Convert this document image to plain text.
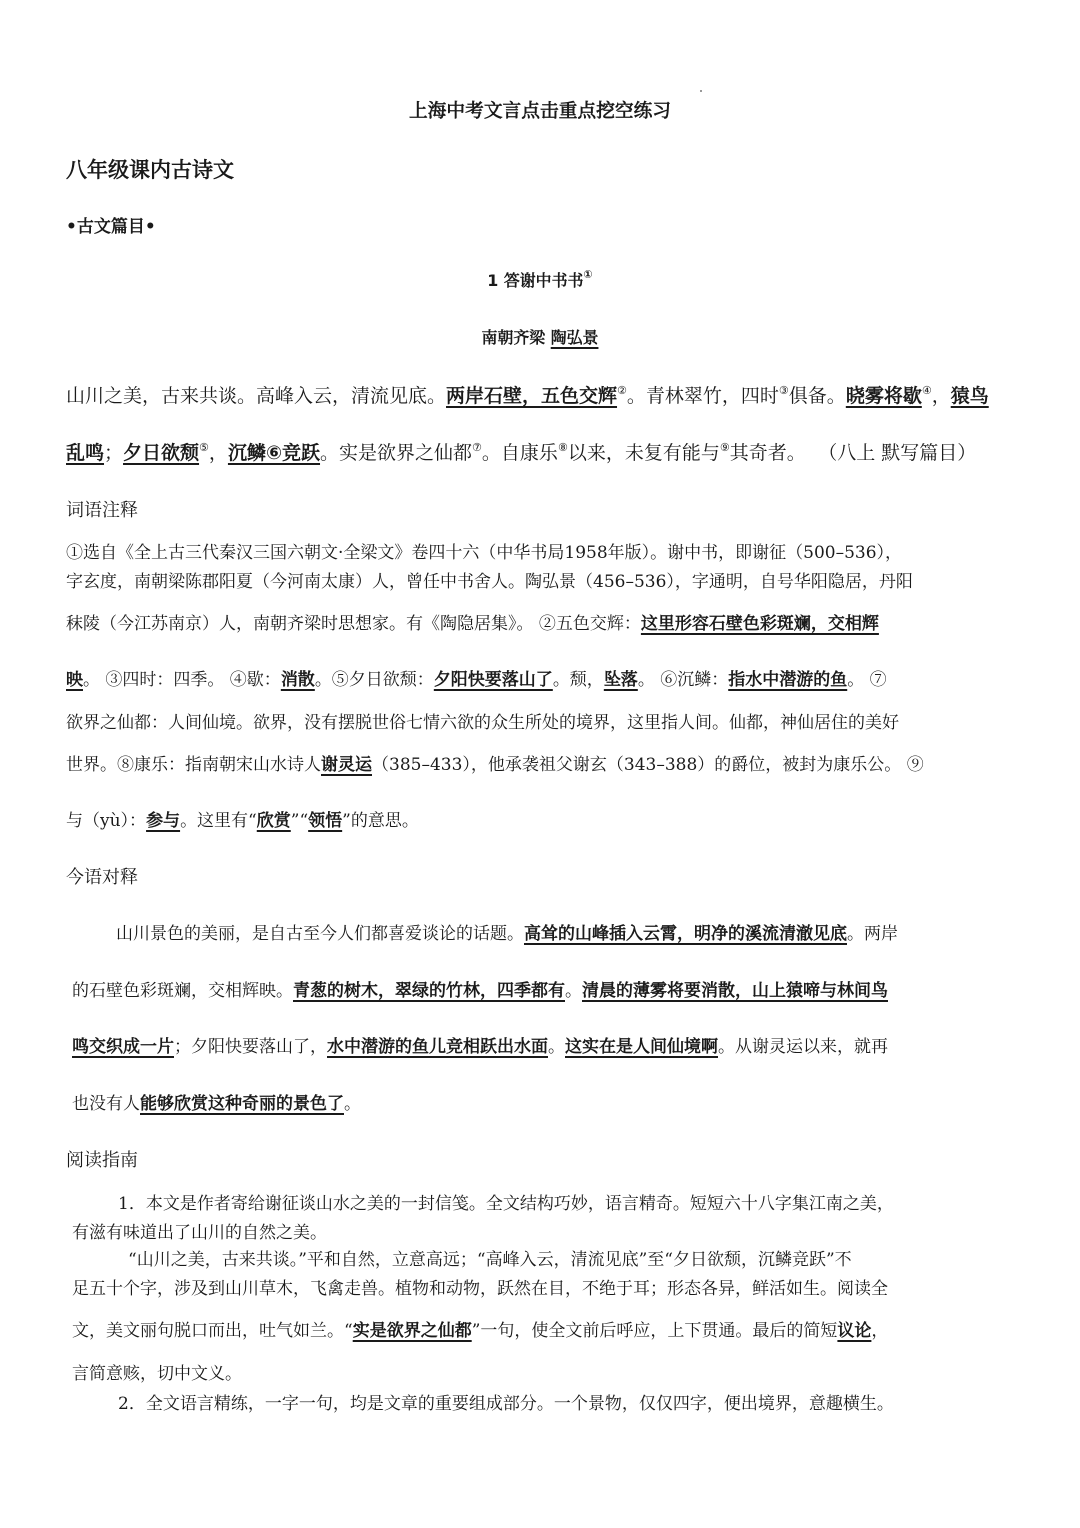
上海中考文言点击重点挖空练习
八年级课内古诗文
•古文篇目•
1 答谢中书书①
南朝齐梁 陶弘景
山川之美，古来共谈。高峰入云，清流见底。两岸石壁，五色交辉②。青林翠竹，四时③俱备。晓雾将歇④，猿鸟
乱鸣；夕日欲颓⑤，沉鳞⑥竞跃。实是欲界之仙都⑦。自康乐⑧以来，未复有能与⑨其奇者。 （八上 默写篇目）
词语注释
①选自《全上古三代秦汉三国六朝文·全梁文》卷四十六（中华书局1958年版）。谢中书，即谢征（500–536），
字玄度，南朝梁陈郡阳夏（今河南太康）人，曾任中书舍人。陶弘景（456–536），字通明，自号华阳隐居，丹阳
秣陵（今江苏南京）人，南朝齐梁时思想家。有《陶隐居集》。 ②五色交辉：这里形容石壁色彩斑斓，交相辉
映。 ③四时：四季。 ④歇：消散。⑤夕日欲颓：夕阳快要落山了。颓，坠落。 ⑥沉鳞：指水中潜游的鱼。 ⑦
欲界之仙都：人间仙境。欲界，没有摆脱世俗七情六欲的众生所处的境界，这里指人间。仙都，神仙居住的美好
世界。⑧康乐：指南朝宋山水诗人谢灵运（385–433），他承袭祖父谢玄（343–388）的爵位，被封为康乐公。 ⑨
与（yù）：参与。这里有“欣赏”“领悟”的意思。
今语对释
山川景色的美丽，是自古至今人们都喜爱谈论的话题。高耸的山峰插入云霄，明净的溪流清澈见底。两岸
的石壁色彩斑斓，交相辉映。青葱的树木，翠绿的竹林，四季都有。清晨的薄雾将要消散，山上猿啼与林间鸟
鸣交织成一片；夕阳快要落山了，水中潜游的鱼儿竞相跃出水面。这实在是人间仙境啊。从谢灵运以来，就再
也没有人能够欣赏这种奇丽的景色了。
阅读指南
1．本文是作者寄给谢征谈山水之美的一封信笺。全文结构巧妙，语言精奇。短短六十八字集江南之美，
有滋有味道出了山川的自然之美。
“山川之美，古来共谈。”平和自然，立意高远；“高峰入云，清流见底”至“夕日欲颓，沉鳞竞跃”不
足五十个字，涉及到山川草木，飞禽走兽。植物和动物，跃然在目，不绝于耳；形态各异，鲜活如生。阅读全
文，美文丽句脱口而出，吐气如兰。“实是欲界之仙都”一句，使全文前后呼应，上下贯通。最后的简短议论，
言简意赅，切中文义。
2．全文语言精练，一字一句，均是文章的重要组成部分。一个景物，仅仅四字，便出境界，意趣横生。
